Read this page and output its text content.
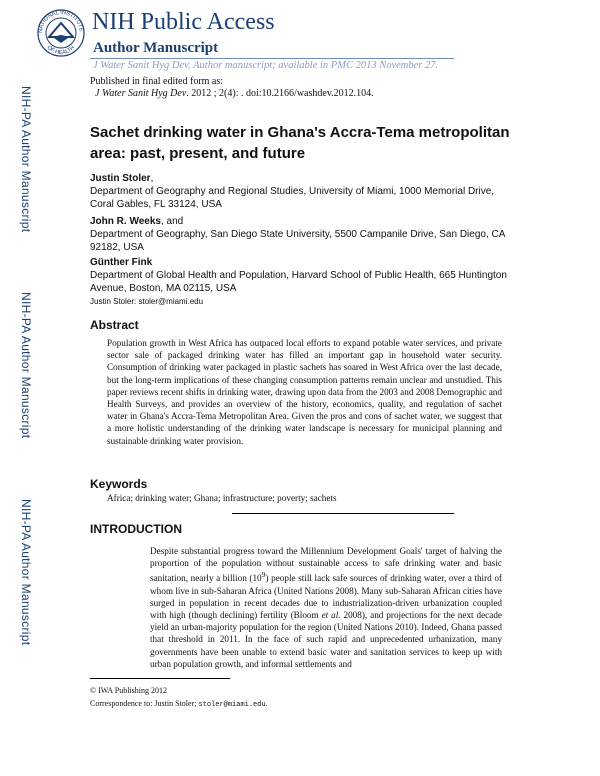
NATIONAL INSTITUTE
OF HEALTH
NIH Public Access
Author Manuscript
J Water Sanit Hyg Dev. Author manuscript; available in PMC 2013 November 27.
NIH-PA Author Manuscript
NIH-PA Author Manuscript
NIH-PA Author Manuscript
Published in final edited form as:
J Water Sanit Hyg Dev. 2012 ; 2(4): . doi:10.2166/washdev.2012.104.
Sachet drinking water in Ghana's Accra-Tema metropolitan area: past, present, and future
Justin Stoler,
Department of Geography and Regional Studies, University of Miami, 1000 Memorial Drive, Coral Gables, FL 33124, USA
John R. Weeks, and
Department of Geography, San Diego State University, 5500 Campanile Drive, San Diego, CA 92182, USA
Günther Fink
Department of Global Health and Population, Harvard School of Public Health, 665 Huntington Avenue, Boston, MA 02115, USA
Justin Stoler: stoler@miami.edu
Abstract
Population growth in West Africa has outpaced local efforts to expand potable water services, and private sector sale of packaged drinking water has filled an important gap in household water security. Consumption of drinking water packaged in plastic sachets has soared in West Africa over the last decade, but the long-term implications of these changing consumption patterns remain unclear and unstudied. This paper reviews recent shifts in drinking water, drawing upon data from the 2003 and 2008 Demographic and Health Surveys, and provides an overview of the history, economics, quality, and regulation of sachet water in Ghana's Accra-Tema Metropolitan Area. Given the pros and cons of sachet water, we suggest that a more holistic understanding of the drinking water landscape is necessary for municipal planning and sustainable drinking water provision.
Keywords
Africa; drinking water; Ghana; infrastructure; poverty; sachets
INTRODUCTION
Despite substantial progress toward the Millennium Development Goals' target of halving the proportion of the population without sustainable access to safe drinking water and basic sanitation, nearly a billion $(10^9)$ people still lack safe sources of drinking water, over a third of whom live in sub-Saharan Africa (United Nations 2008). Many sub-Saharan African cities have surged in population in recent decades due to industrialization-driven urbanization coupled with high (though declining) fertility (Bloom et al. 2008), and projections for the next decade yield an urban-majority population for the region (United Nations 2010). Indeed, Ghana passed that threshold in 2011. In the face of such rapid and unprecedented urbanization, many governments have been unable to extend basic water and sanitation services to keep up with urban population growth, and informal settlements and
© IWA Publishing 2012
Correspondence to: Justin Stoler; stoler@miami.edu.
